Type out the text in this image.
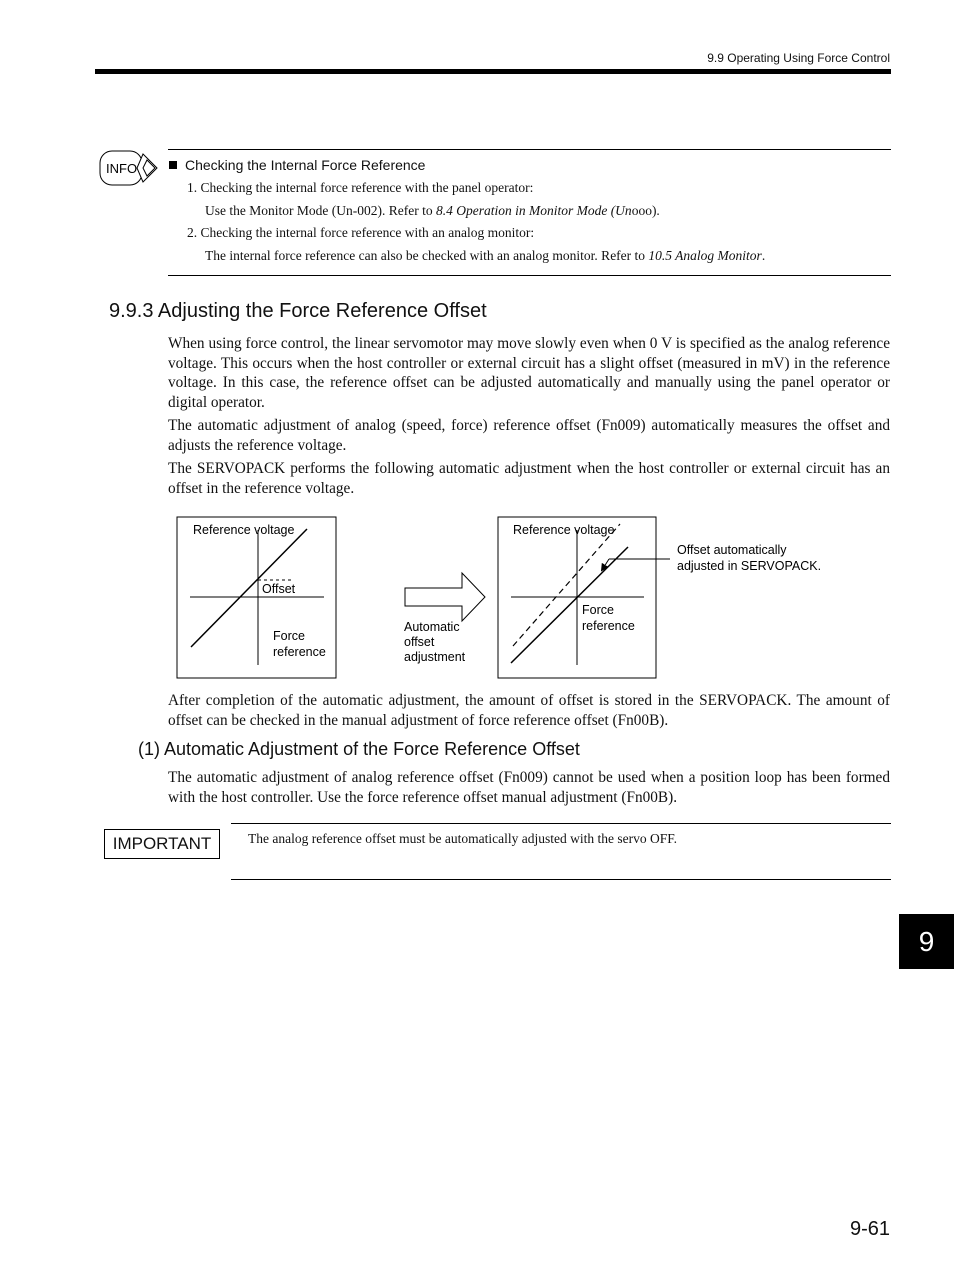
9.9 Operating Using Force Control
INFO	Checking the Internal Force Reference
1. Checking the internal force reference with the panel operator:
Use the Monitor Mode (Un-002). Refer to 8.4 Operation in Monitor Mode (Unooo).
2. Checking the internal force reference with an analog monitor:
The internal force reference can also be checked with an analog monitor. Refer to 10.5 Analog Monitor.
9.9.3 Adjusting the Force Reference Offset
When using force control, the linear servomotor may move slowly even when 0 V is specified as the analog reference voltage. This occurs when the host controller or external circuit has a slight offset (measured in mV) in the reference voltage. In this case, the reference offset can be adjusted automatically and manually using the panel operator or digital operator.
The automatic adjustment of analog (speed, force) reference offset (Fn009) automatically measures the offset and adjusts the reference voltage.
The SERVOPACK performs the following automatic adjustment when the host controller or external circuit has an offset in the reference voltage.
Reference voltage
Offset
Force
reference
Automatic
offset
adjustment
Reference voltage
Force
reference
Offset automatically
adjusted in SERVOPACK.
After completion of the automatic adjustment, the amount of offset is stored in the SERVOPACK. The amount of offset can be checked in the manual adjustment of force reference offset (Fn00B).
(1) Automatic Adjustment of the Force Reference Offset
The automatic adjustment of analog reference offset (Fn009) cannot be used when a position loop has been formed with the host controller. Use the force reference offset manual adjustment (Fn00B).
IMPORTANT	The analog reference offset must be automatically adjusted with the servo OFF.
9
9-61
